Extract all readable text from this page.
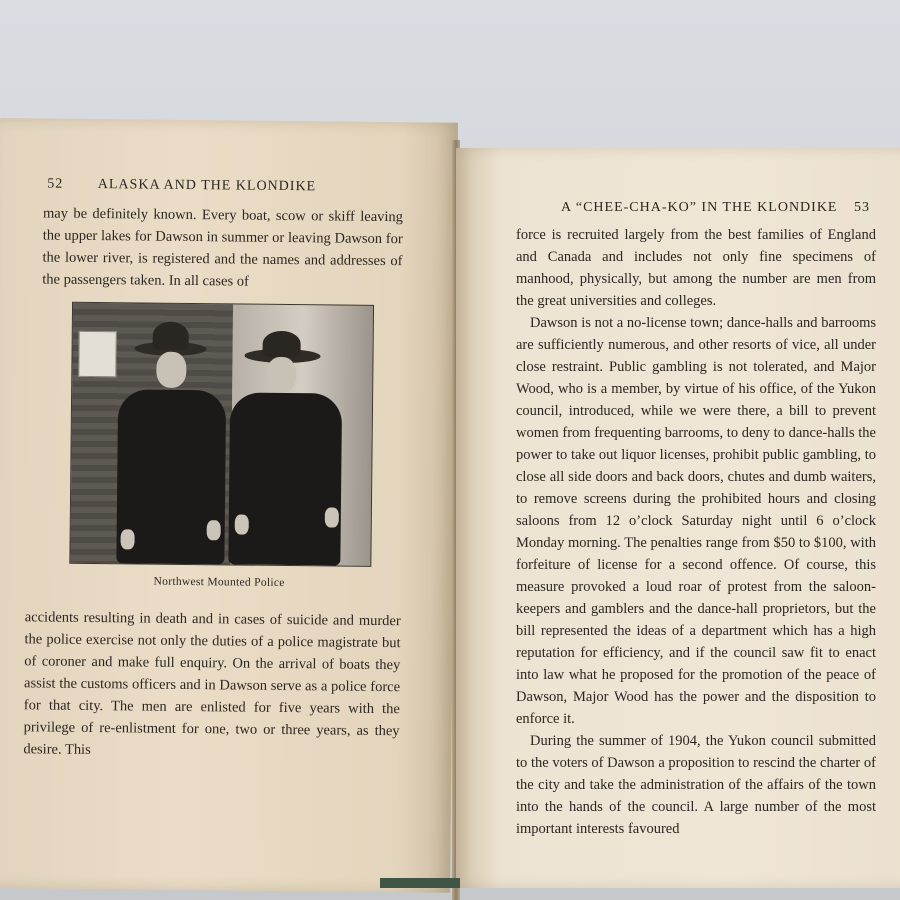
52 ALASKA AND THE KLONDIKE

may be definitely known. Every boat, scow or skiff leaving the upper lakes for Dawson in summer or leaving Dawson for the lower river, is registered and the names and addresses of the passengers taken. In all cases of

Northwest Mounted Police

accidents resulting in death and in cases of suicide and murder the police exercise not only the duties of a police magistrate but of coroner and make full enquiry. On the arrival of boats they assist the customs officers and in Dawson serve as a police force for that city. The men are enlisted for five years with the privilege of re-enlistment for one, two or three years, as they desire. This

A “CHEE-CHA-KO” IN THE KLONDIKE 53

force is recruited largely from the best families of England and Canada and includes not only fine specimens of manhood, physically, but among the number are men from the great universities and colleges.

Dawson is not a no-license town; dance-halls and barrooms are sufficiently numerous, and other resorts of vice, all under close restraint. Public gambling is not tolerated, and Major Wood, who is a member, by virtue of his office, of the Yukon council, introduced, while we were there, a bill to prevent women from frequenting barrooms, to deny to dance-halls the power to take out liquor licenses, prohibit public gambling, to close all side doors and back doors, chutes and dumb waiters, to remove screens during the prohibited hours and closing saloons from 12 o’clock Saturday night until 6 o’clock Monday morning. The penalties range from $50 to $100, with forfeiture of license for a second offence. Of course, this measure provoked a loud roar of protest from the saloon-keepers and gamblers and the dance-hall proprietors, but the bill represented the ideas of a department which has a high reputation for efficiency, and if the council saw fit to enact into law what he proposed for the promotion of the peace of Dawson, Major Wood has the power and the disposition to enforce it.

During the summer of 1904, the Yukon council submitted to the voters of Dawson a proposition to rescind the charter of the city and take the administration of the affairs of the town into the hands of the council. A large number of the most important interests favoured
